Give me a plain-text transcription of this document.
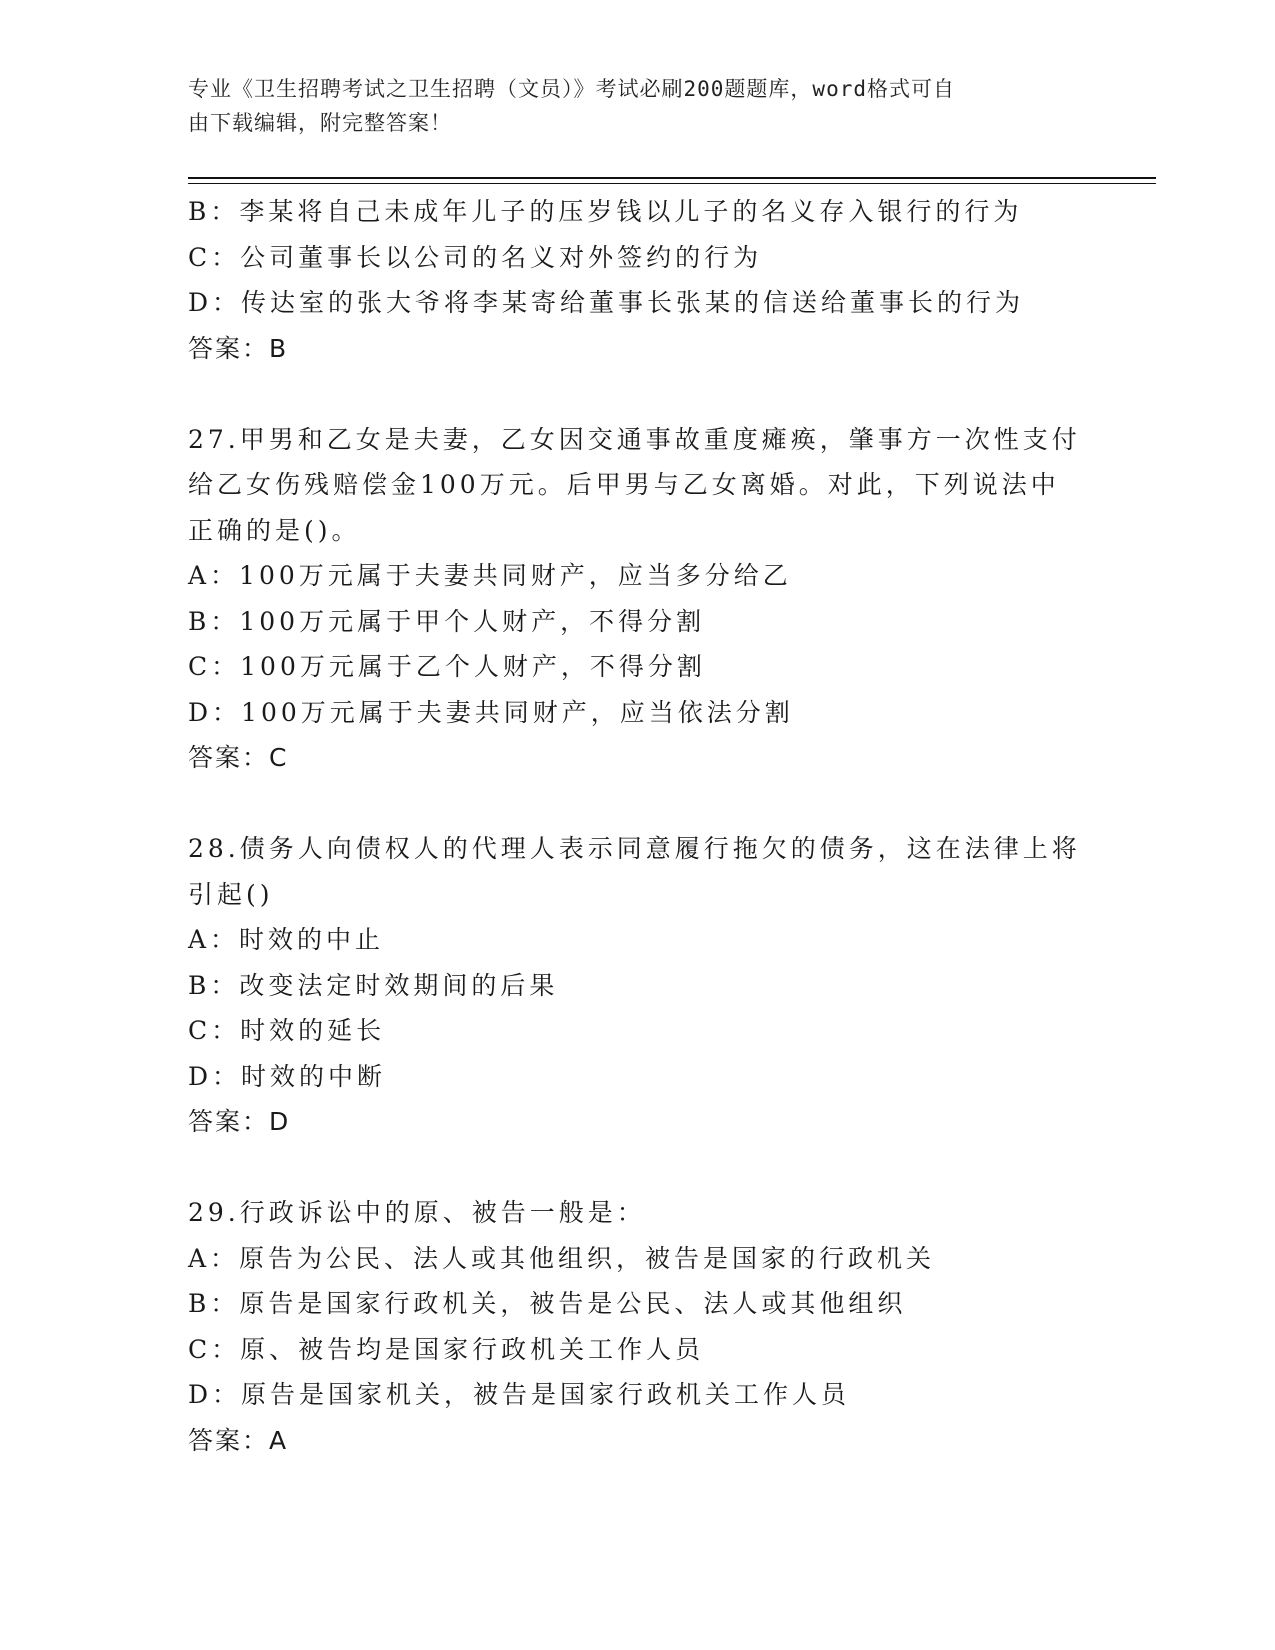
专业《卫生招聘考试之卫生招聘（文员）》考试必刷200题题库，word格式可自
由下载编辑，附完整答案！
B：李某将自己未成年儿子的压岁钱以儿子的名义存入银行的行为
C：公司董事长以公司的名义对外签约的行为
D：传达室的张大爷将李某寄给董事长张某的信送给董事长的行为
答案：B
27.甲男和乙女是夫妻，乙女因交通事故重度瘫痪，肇事方一次性支付
给乙女伤残赔偿金100万元。后甲男与乙女离婚。对此，下列说法中
正确的是()。
A：100万元属于夫妻共同财产，应当多分给乙
B：100万元属于甲个人财产，不得分割
C：100万元属于乙个人财产，不得分割
D：100万元属于夫妻共同财产，应当依法分割
答案：C
28.债务人向债权人的代理人表示同意履行拖欠的债务，这在法律上将
引起()
A：时效的中止
B：改变法定时效期间的后果
C：时效的延长
D：时效的中断
答案：D
29.行政诉讼中的原、被告一般是：
A：原告为公民、法人或其他组织，被告是国家的行政机关
B：原告是国家行政机关，被告是公民、法人或其他组织
C：原、被告均是国家行政机关工作人员
D：原告是国家机关，被告是国家行政机关工作人员
答案：A
